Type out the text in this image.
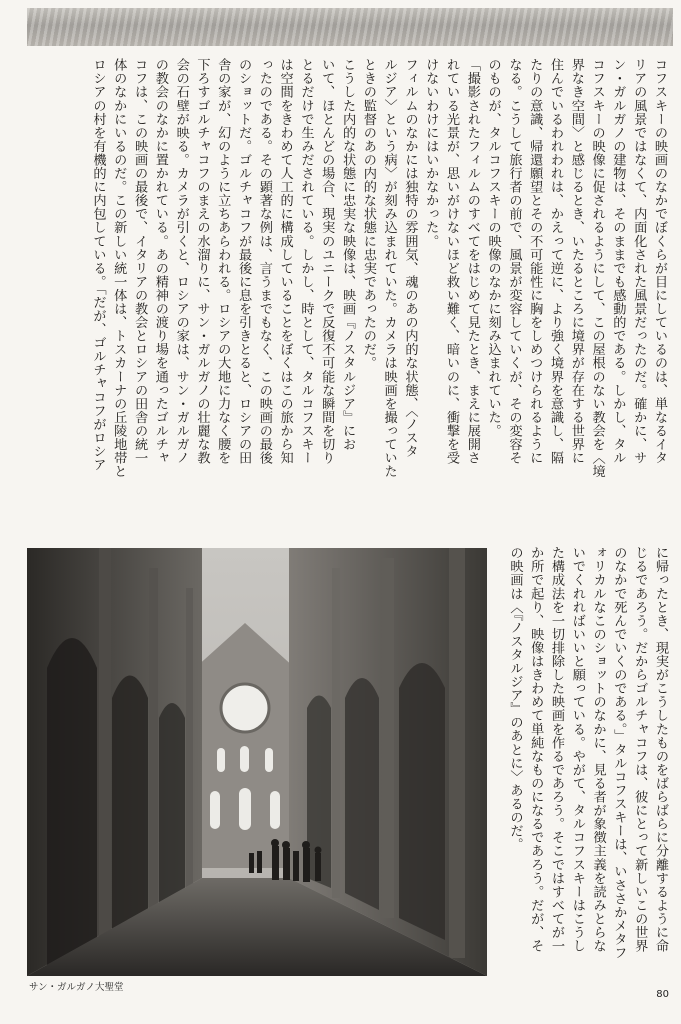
コフスキーの映画のなかでぼくらが目にしているのは、単なるイタ
リアの風景ではなくて、内面化された風景だったのだ。確かに、サ
ン・ガルガノの建物は、そのままでも感動的である。しかし、タル
コフスキーの映像に促されるようにして、この屋根のない教会を〈境
界なき空間〉と感じるとき、いたるところに境界が存在する世界に
住んでいるわれわれは、かえって逆に、より強く境界を意識し、隔
たりの意識、帰還願望とその不可能性に胸をしめつけられるように
なる。こうして旅行者の前で、風景が変容していくが、その変容そ
のものが、タルコフスキーの映像のなかに刻み込まれていた。
「撮影されたフィルムのすべてをはじめて見たとき、まえに展開さ
れている光景が、思いがけないほど救い難く、暗いのに、衝撃を受
けないわけにはいかなかった。
フィルムのなかには独特の雰囲気、魂のあの内的な状態、〈ノスタ
ルジア〉という病〉が刻み込まれていた。カメラは映画を撮っていた
ときの監督のあの内的な状態に忠実であったのだ。
こうした内的な状態に忠実な映像は、映画『ノスタルジア』にお
いて、ほとんどの場合、現実のユニークで反復不可能な瞬間を切り
とるだけで生みだされている。しかし、時として、タルコフスキー
は空間をきわめて人工的に構成していることをぼくはこの旅から知
ったのである。その顕著な例は、言うまでもなく、この映画の最後
のショットだ。ゴルチャコフが最後に息を引きとると、ロシアの田
舎の家が、幻のように立ちあらわれる。ロシアの大地に力なく腰を
下ろすゴルチャコフのまえの水溜りに、サン・ガルガノの壮麗な教
会の石壁が映る。カメラが引くと、ロシアの家は、サン・ガルガノ
の教会のなかに置かれている。あの精神の渡り場を通ったゴルチャ
コフは、この映画の最後で、イタリアの教会とロシアの田舎の統一
体のなかにいるのだ。この新しい統一体は、トスカーナの丘陵地帯と
ロシアの村を有機的に内包している。「だが、ゴルチャコフがロシア
に帰ったとき、現実がこうしたものをばらばらに分離するように命
じるであろう。だからゴルチャコフは、彼にとって新しいこの世界
のなかで死んでいくのである。」タルコフスキーは、いささかメタフ
ォリカルなこのショットのなかに、見る者が象徴主義を読みとらな
いでくれればいいと願っている。やがて、タルコフスキーはこうし
た構成法を一切排除した映画を作るであろう。そこではすべてが一
か所で起り、映像はきわめて単純なものになるであろう。だが、そ
の映画は〈『ノスタルジア』のあとに〉あるのだ。
サン・ガルガノ大聖堂
80
